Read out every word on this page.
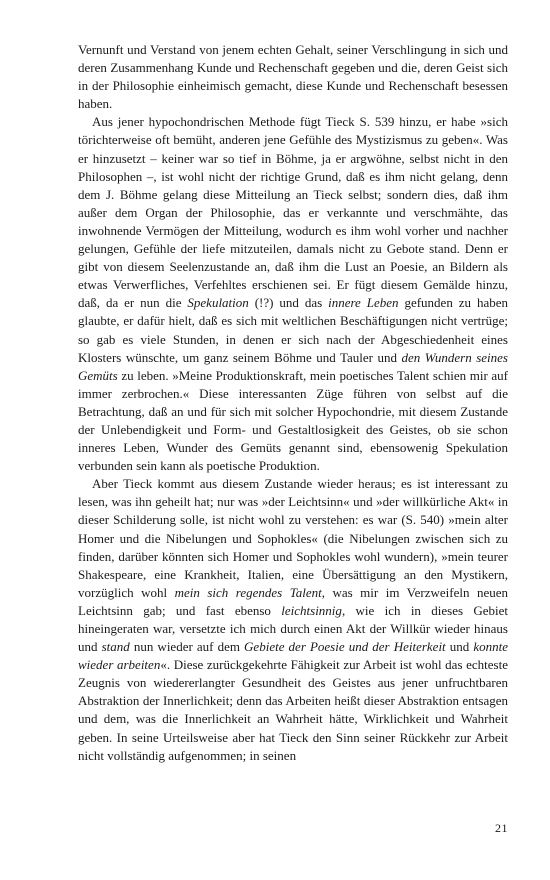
Vernunft und Verstand von jenem echten Gehalt, seiner Verschlingung in sich und deren Zusammenhang Kunde und Rechenschaft gegeben und die, deren Geist sich in der Philosophie einheimisch gemacht, diese Kunde und Rechenschaft besessen haben.

Aus jener hypochondrischen Methode fügt Tieck S. 539 hinzu, er habe »sich törichterweise oft bemüht, anderen jene Gefühle des Mystizismus zu geben«. Was er hinzusetzt – keiner war so tief in Böhme, ja er argwöhne, selbst nicht in den Philosophen –, ist wohl nicht der richtige Grund, daß es ihm nicht gelang, denn dem J. Böhme gelang diese Mitteilung an Tieck selbst; sondern dies, daß ihm außer dem Organ der Philosophie, das er verkannte und verschmähte, das inwohnende Vermögen der Mitteilung, wodurch es ihm wohl vorher und nachher gelungen, Gefühle der liefe mitzuteilen, damals nicht zu Gebote stand. Denn er gibt von diesem Seelenzustande an, daß ihm die Lust an Poesie, an Bildern als etwas Verwerfliches, Verfehltes erschienen sei. Er fügt diesem Gemälde hinzu, daß, da er nun die Spekulation (!?) und das innere Leben gefunden zu haben glaubte, er dafür hielt, daß es sich mit weltlichen Beschäftigungen nicht vertrüge; so gab es viele Stunden, in denen er sich nach der Abgeschiedenheit eines Klosters wünschte, um ganz seinem Böhme und Tauler und den Wundern seines Gemüts zu leben. »Meine Produktionskraft, mein poetisches Talent schien mir auf immer zerbrochen.« Diese interessanten Züge führen von selbst auf die Betrachtung, daß an und für sich mit solcher Hypochondrie, mit diesem Zustande der Unlebendigkeit und Form- und Gestaltlosigkeit des Geistes, ob sie schon inneres Leben, Wunder des Gemüts genannt sind, ebensowenig Spekulation verbunden sein kann als poetische Produktion.

Aber Tieck kommt aus diesem Zustande wieder heraus; es ist interessant zu lesen, was ihn geheilt hat; nur was »der Leichtsinn« und »der willkürliche Akt« in dieser Schilderung solle, ist nicht wohl zu verstehen: es war (S. 540) »mein alter Homer und die Nibelungen und Sophokles« (die Nibelungen zwischen sich zu finden, darüber könnten sich Homer und Sophokles wohl wundern), »mein teurer Shakespeare, eine Krankheit, Italien, eine Übersättigung an den Mystikern, vorzüglich wohl mein sich regendes Talent, was mir im Verzweifeln neuen Leichtsinn gab; und fast ebenso leichtsinnig, wie ich in dieses Gebiet hineingeraten war, versetzte ich mich durch einen Akt der Willkür wieder hinaus und stand nun wieder auf dem Gebiete der Poesie und der Heiterkeit und konnte wieder arbeiten«. Diese zurückgekehrte Fähigkeit zur Arbeit ist wohl das echteste Zeugnis von wiedererlangter Gesundheit des Geistes aus jener unfruchtbaren Abstraktion der Innerlichkeit; denn das Arbeiten heißt dieser Abstraktion entsagen und dem, was die Innerlichkeit an Wahrheit hätte, Wirklichkeit und Wahrheit geben. In seine Urteilsweise aber hat Tieck den Sinn seiner Rückkehr zur Arbeit nicht vollständig aufgenommen; in seinen

21
